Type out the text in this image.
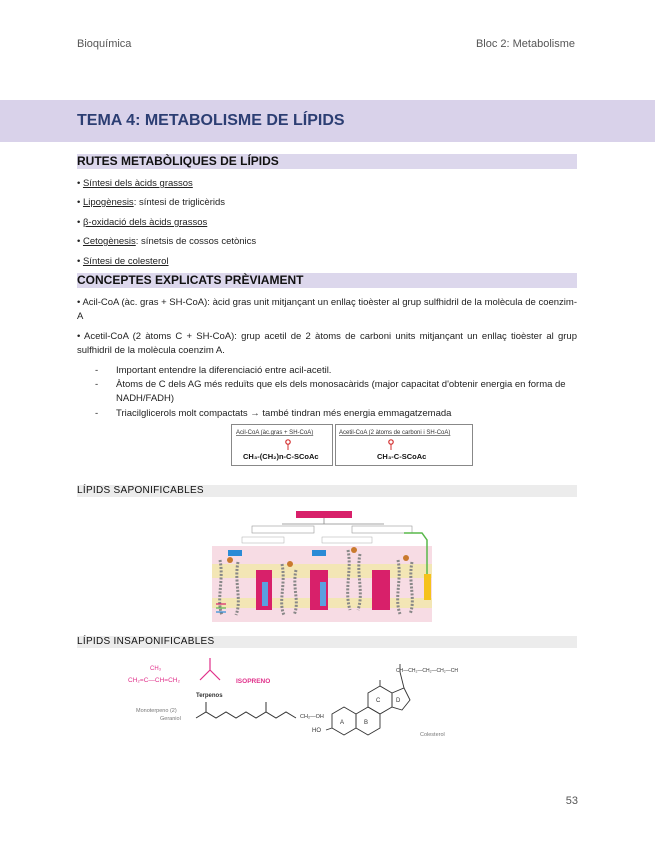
Bioquímica	Bloc 2: Metabolisme
TEMA 4: METABOLISME DE LÍPIDS
RUTES METABÒLIQUES DE LÍPIDS
• Síntesi dels àcids grassos
• Lipogènesis: síntesi de triglicèrids
• β-oxidació dels àcids grassos
• Cetogènesis: sínetsis de cossos cetònics
• Síntesi de colesterol
CONCEPTES EXPLICATS PRÈVIAMENT
• Acil-CoA (àc. gras + SH-CoA): àcid gras unit mitjançant un enllaç tioèster al grup sulfhidril de la molècula de coenzim-A
• Acetil-CoA (2 àtoms C + SH-CoA): grup acetil de 2 àtoms de carboni units mitjançant un enllaç tioèster al grup sulfhidril de la molècula coenzim A.
- Important entendre la diferenciació entre acil-acetil.
- Àtoms de C dels AG més reduïts que els dels monosacàrids (major capacitat d'obtenir energia en forma de NADH/FADH)
- Triacilglicerols molt compactats → també tindran més energia emmagatzemada
Acil-CoA (àc.gras + SH-CoA)	Acetil-CoA (2 àtoms de carboni i SH-CoA)
CH₃-(CH₂)n-C-SCoAc	CH₃-C-SCoAc
LÍPIDS SAPONIFICABLES
LÍPIDS INSAPONIFICABLES
CH₃
CH₂=C—CH=CH₂	ISOPRENO
Terpenos
Monoterpeno (2)
Geraniol	CH₂—OH
A	B
C	D
HO
CH—CH₂—CH₂—CH₂—CH
Colesterol
53
